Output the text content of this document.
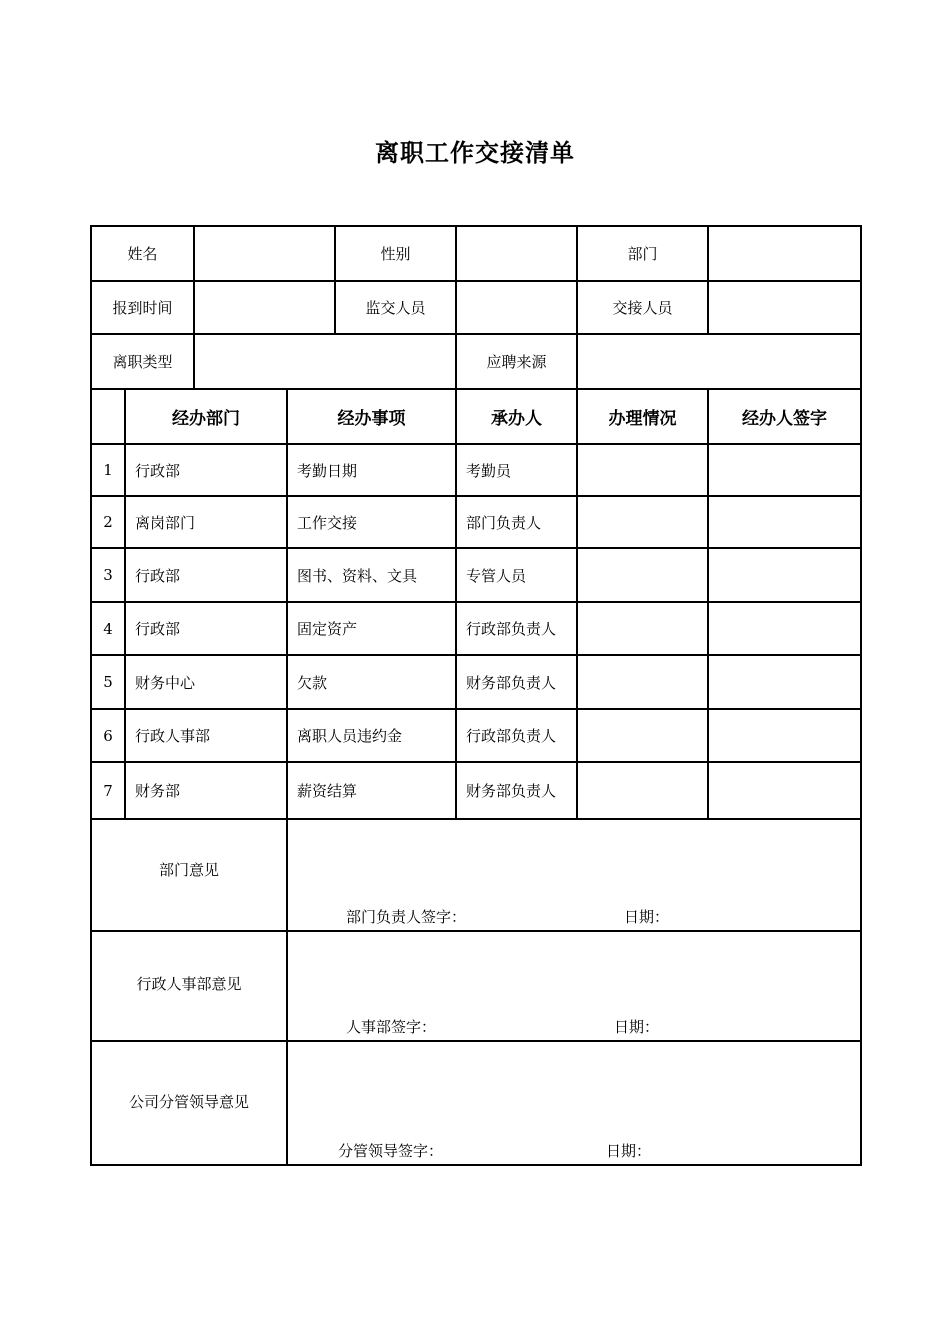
离职工作交接清单
姓名				性别		部门	
报到时间				监交人员		交接人员	
离职类型					应聘来源		
	经办部门		经办事项		承办人	办理情况	经办人签字
1	行政部		考勤日期		考勤员		
2	离岗部门		工作交接		部门负责人		
3	行政部		图书、资料、文具		专管人员		
4	行政部		固定资产		行政部负责人		
5	财务中心		欠款		财务部负责人		
6	行政人事部		离职人员违约金		行政部负责人		
7	财务部		薪资结算		财务部负责人		

部门意见			部门负责人签字： 日期：				

行政人事部意见			人事部签字： 日期：				

公司分管领导意见			分管领导签字： 日期：				
